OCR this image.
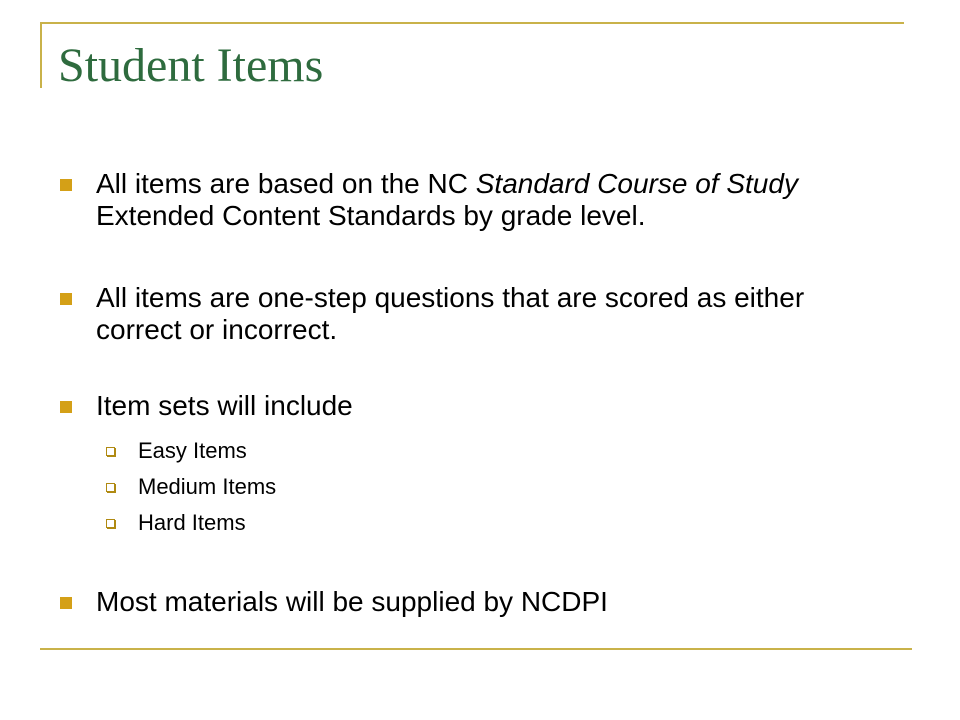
Student Items
All items are based on the NC Standard Course of Study Extended Content Standards by grade level.
All items are one-step questions that are scored as either correct or incorrect.
Item sets will include
Easy Items
Medium Items
Hard Items
Most materials will be supplied by NCDPI
